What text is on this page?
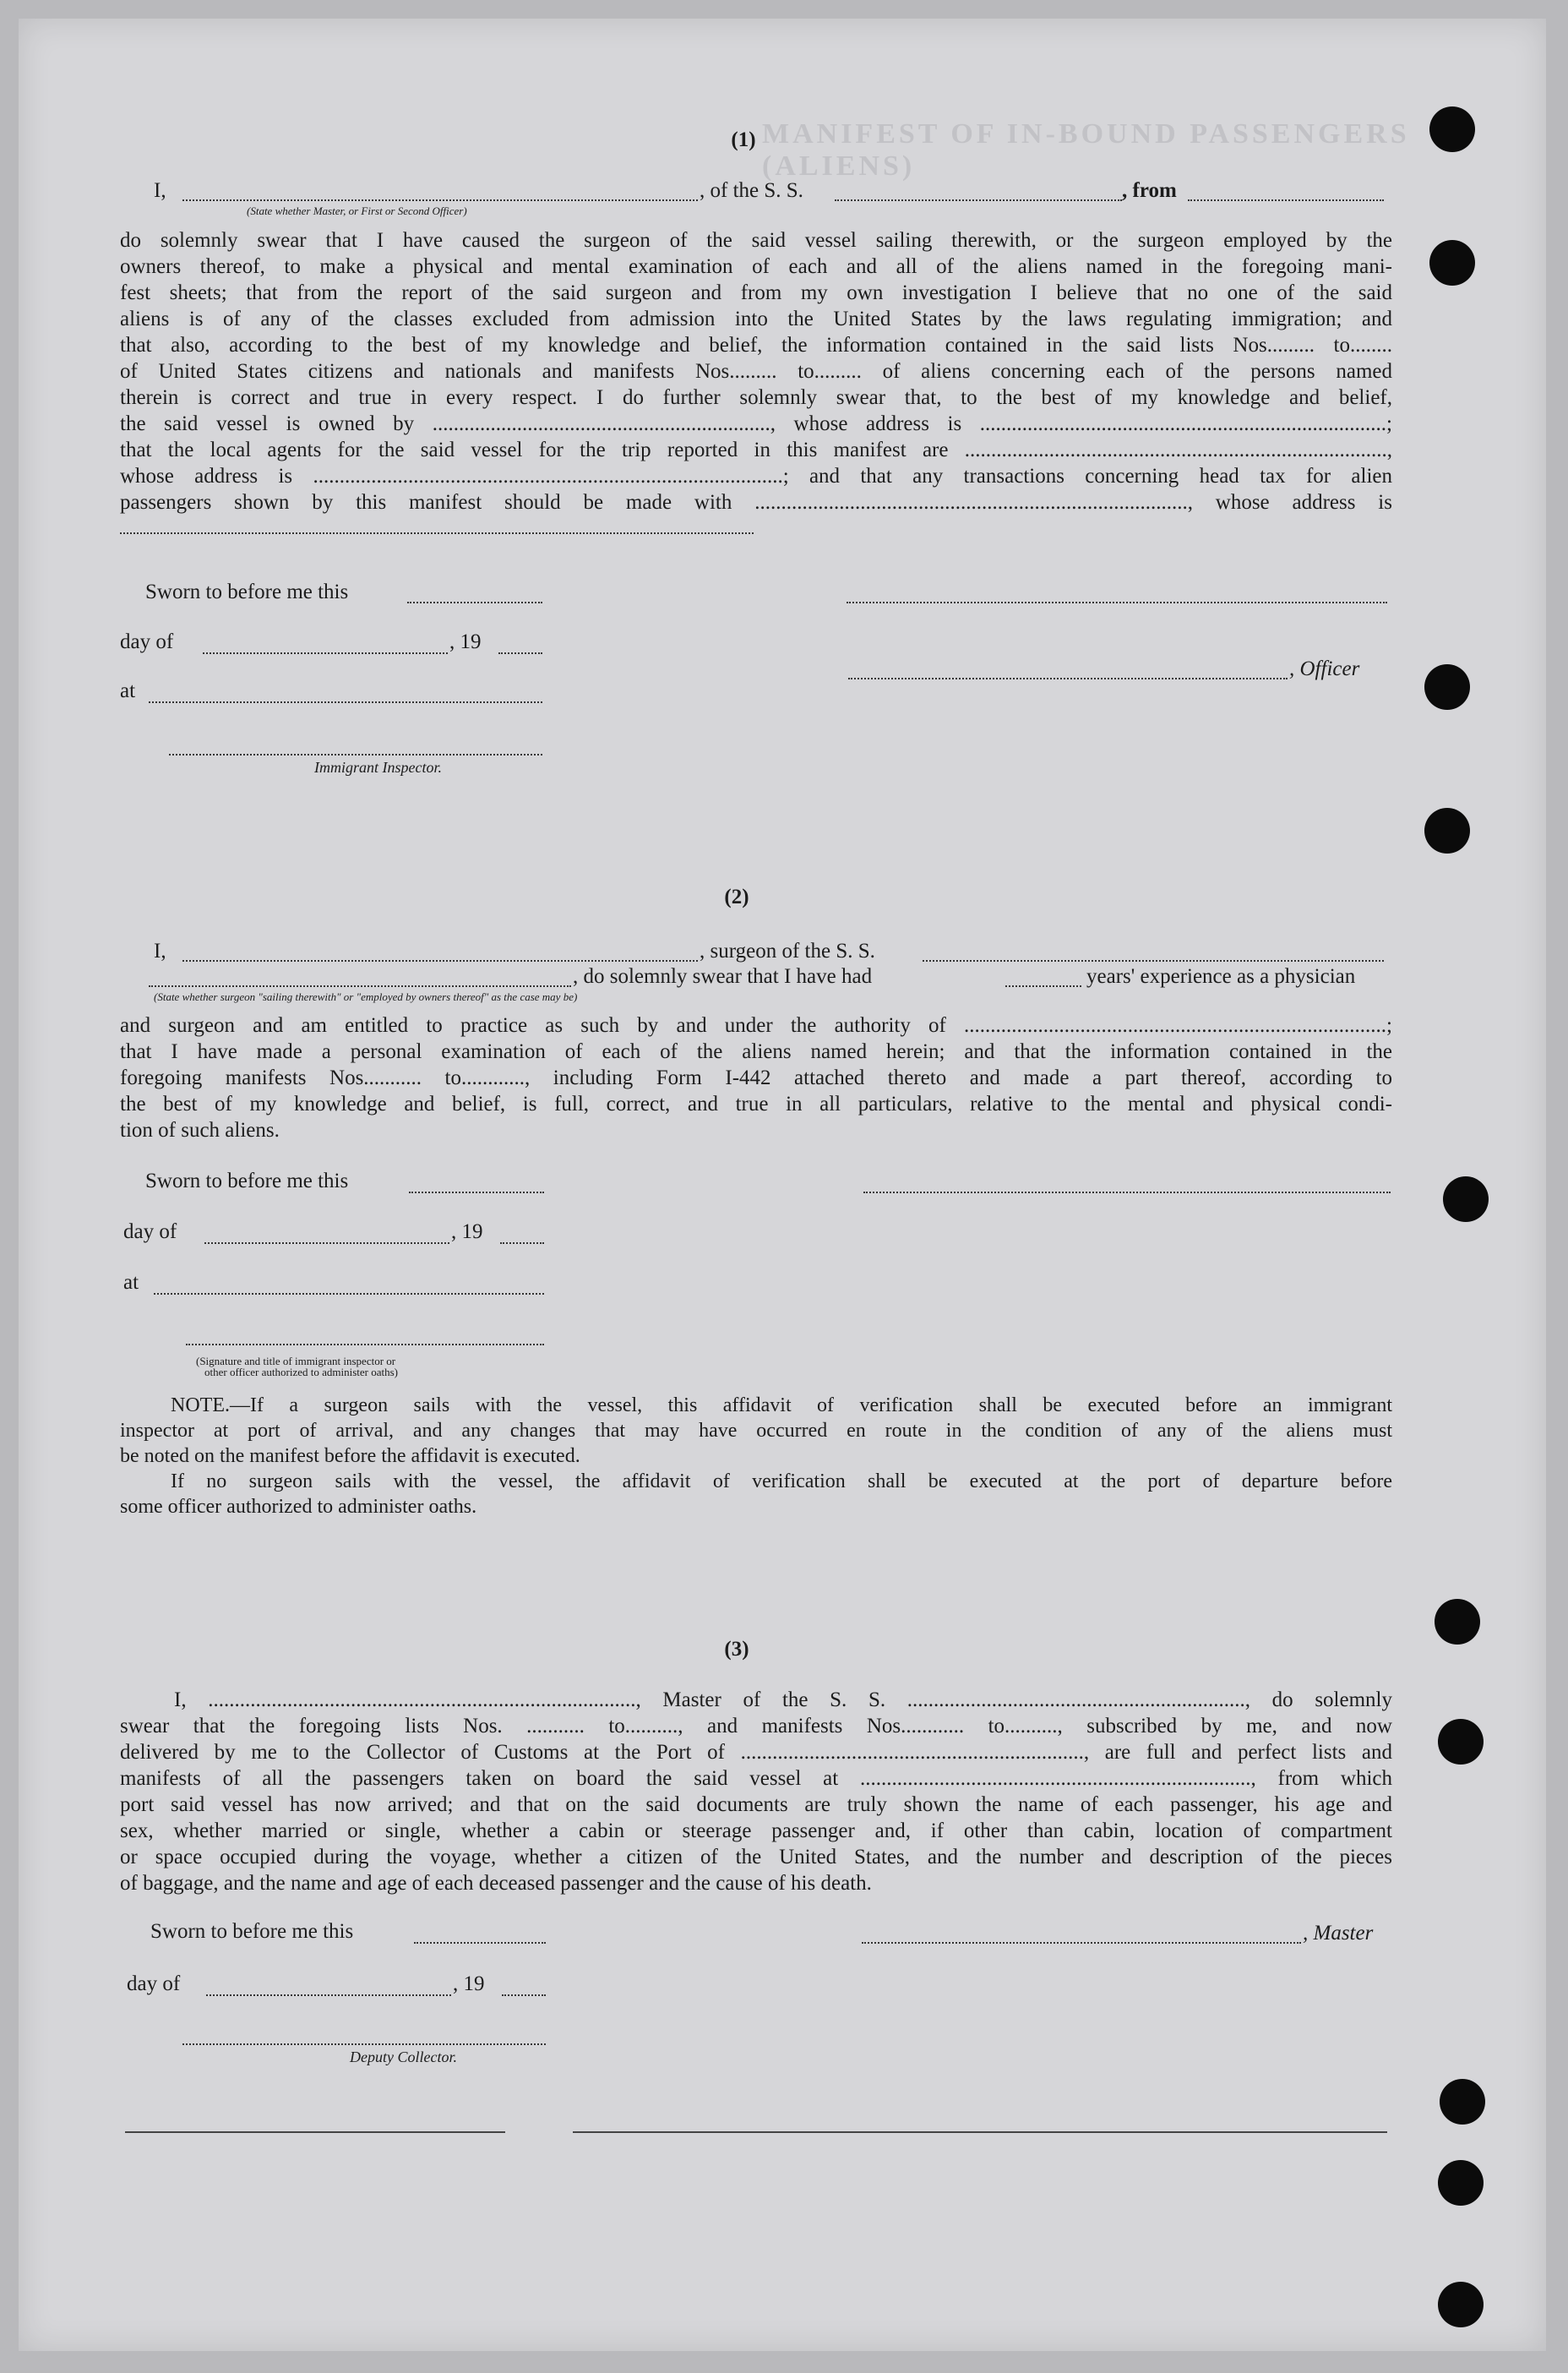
MANIFEST OF IN-BOUND PASSENGERS (ALIENS)
(1)
I,	, of the S. S.	, from
(State whether Master, or First or Second Officer)
do solemnly swear that I have caused the surgeon of the said vessel sailing therewith, or the surgeon employed by the
owners thereof, to make a physical and mental examination of each and all of the aliens named in the foregoing mani-
fest sheets; that from the report of the said surgeon and from my own investigation I believe that no one of the said
aliens is of any of the classes excluded from admission into the United States by the laws regulating immigration; and
that also, according to the best of my knowledge and belief, the information contained in the said lists Nos......... to........
of United States citizens and nationals and manifests Nos......... to......... of aliens concerning each of the persons named
therein is correct and true in every respect. I do further solemnly swear that, to the best of my knowledge and belief,
the said vessel is owned by ................................................................, whose address is .............................................................................;
that the local agents for the said vessel for the trip reported in this manifest are ................................................................................,
whose address is .........................................................................................; and that any transactions concerning head tax for alien
passengers shown by this manifest should be made with .................................................................................., whose address is
Sworn to before me this
day of	, 19
, Officer
at
Immigrant Inspector.
(2)
I,	, surgeon of the S. S.
, do solemnly swear that I have had	years' experience as a physician
(State whether surgeon "sailing therewith" or "employed by owners thereof" as the case may be)
and surgeon and am entitled to practice as such by and under the authority of ................................................................................;
that I have made a personal examination of each of the aliens named herein; and that the information contained in the
foregoing manifests Nos........... to............, including Form I-442 attached thereto and made a part thereof, according to
the best of my knowledge and belief, is full, correct, and true in all particulars, relative to the mental and physical condi-
tion of such aliens.
Sworn to before me this
day of	, 19
at
(Signature and title of immigrant inspector or
other officer authorized to administer oaths)
NOTE.—If a surgeon sails with the vessel, this affidavit of verification shall be executed before an immigrant
inspector at port of arrival, and any changes that may have occurred en route in the condition of any of the aliens must
be noted on the manifest before the affidavit is executed.
If no surgeon sails with the vessel, the affidavit of verification shall be executed at the port of departure before
some officer authorized to administer oaths.
(3)
I, ................................................................................., Master of the S. S. ................................................................, do solemnly
swear that the foregoing lists Nos. ........... to.........., and manifests Nos............ to.........., subscribed by me, and now
delivered by me to the Collector of Customs at the Port of ................................................................., are full and perfect lists and
manifests of all the passengers taken on board the said vessel at .........................................................................., from which
port said vessel has now arrived; and that on the said documents are truly shown the name of each passenger, his age and
sex, whether married or single, whether a cabin or steerage passenger and, if other than cabin, location of compartment
or space occupied during the voyage, whether a citizen of the United States, and the number and description of the pieces
of baggage, and the name and age of each deceased passenger and the cause of his death.
Sworn to before me this	, Master
day of	, 19
Deputy Collector.
